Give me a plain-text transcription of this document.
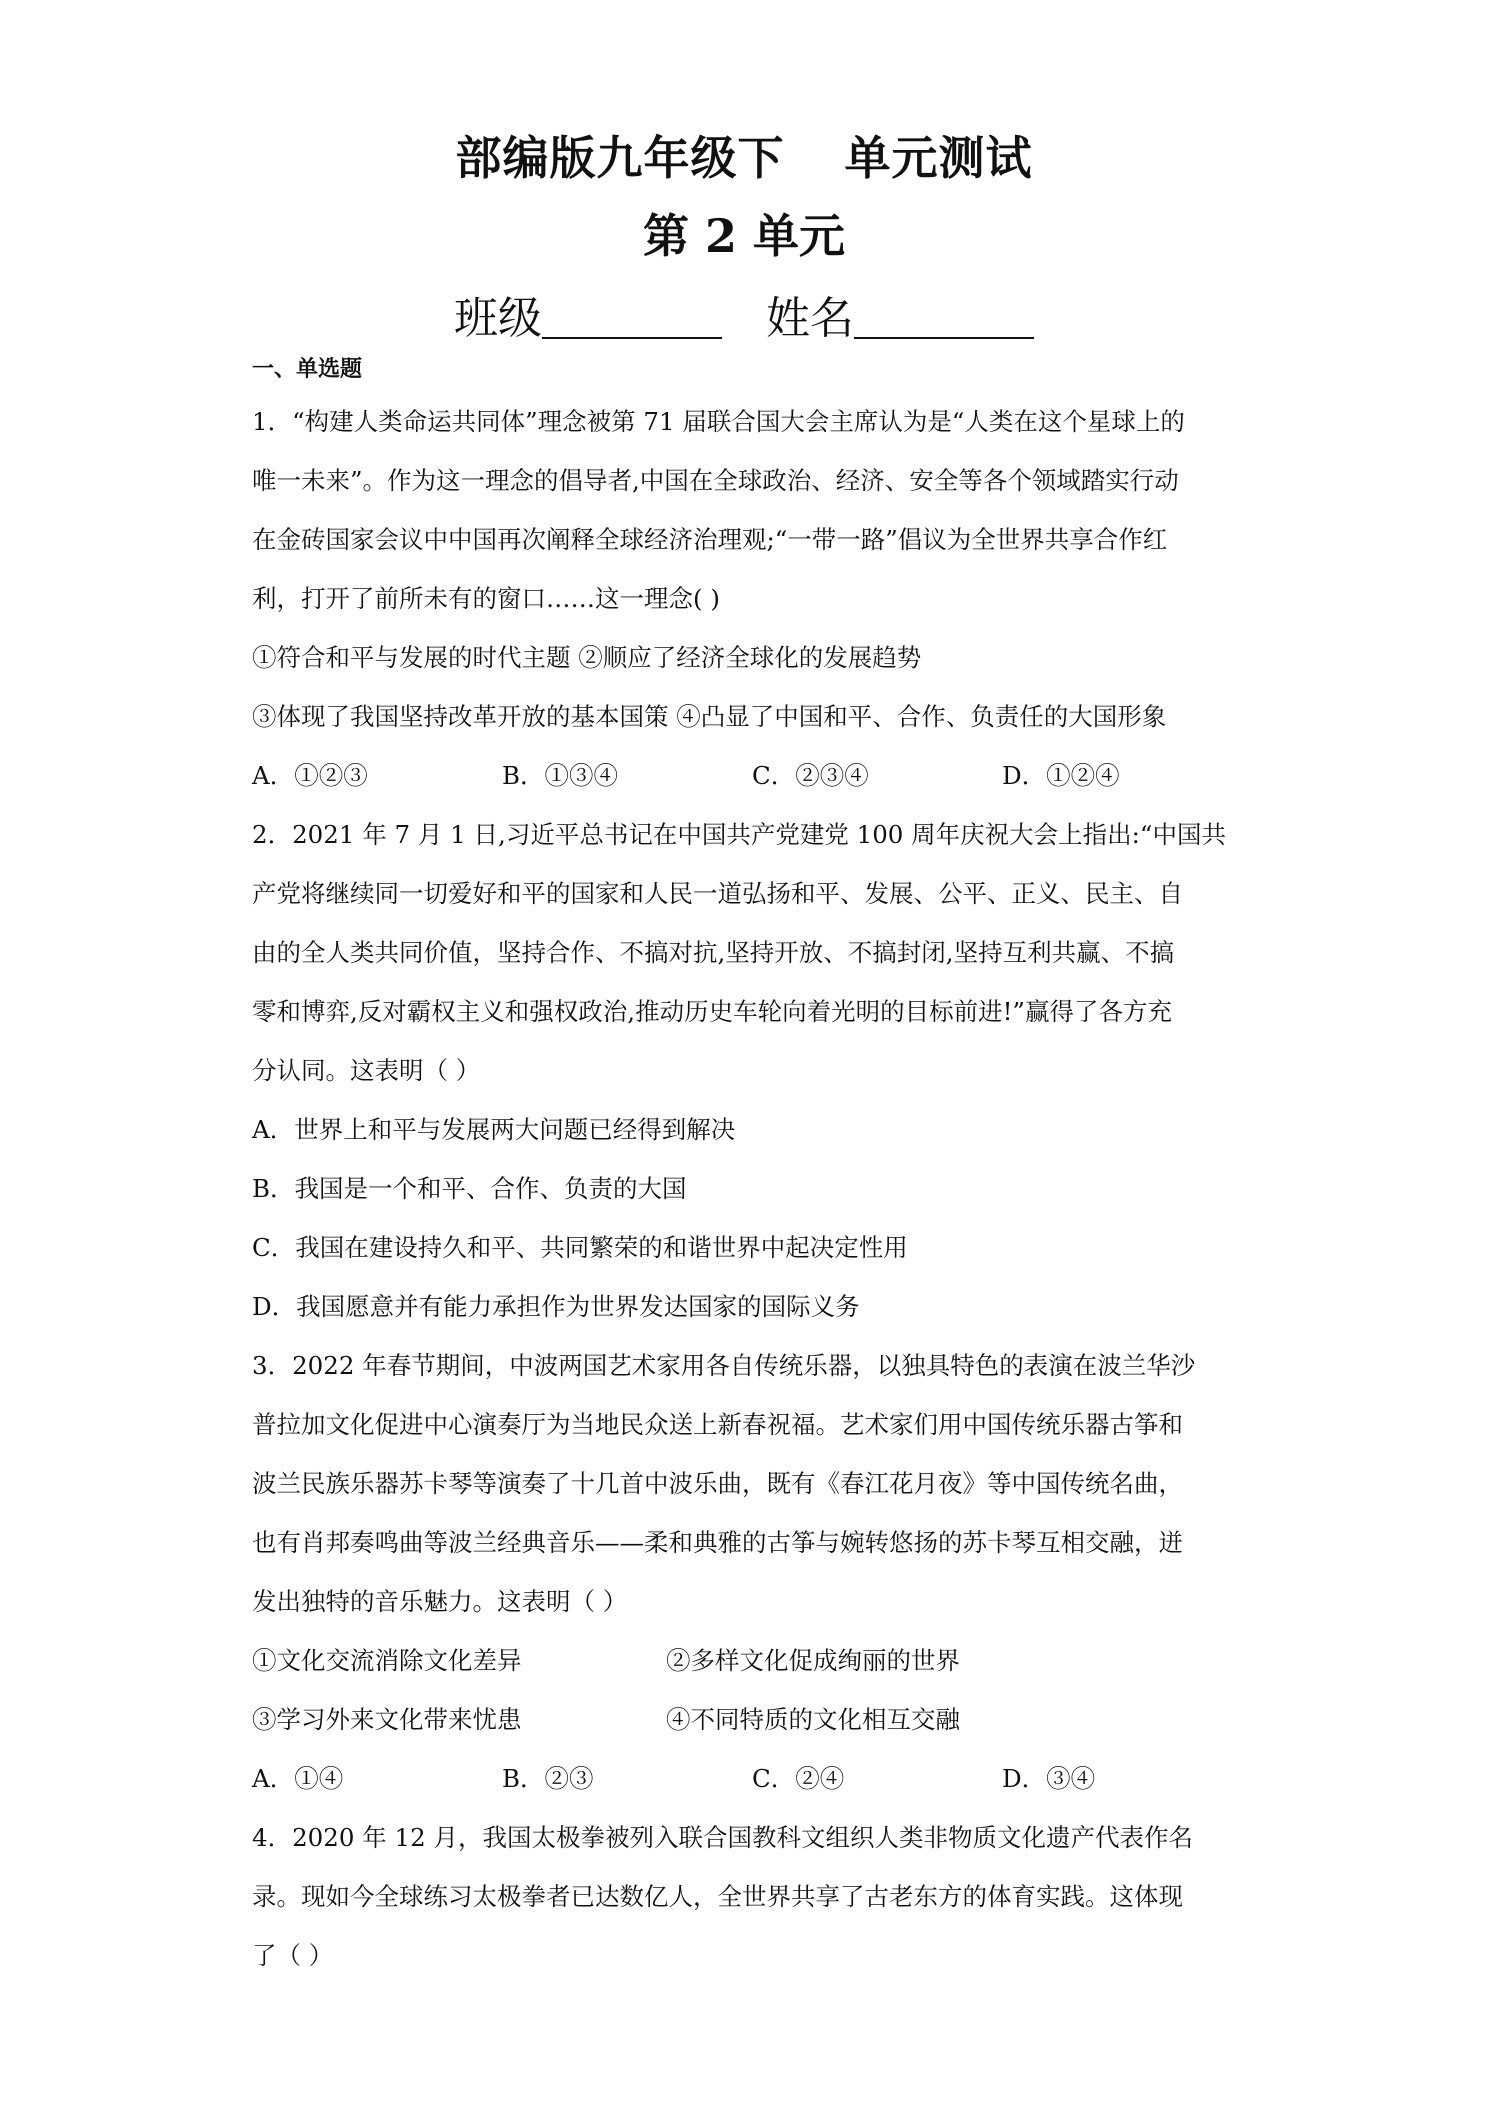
部编版九年级下 单元测试
第 2 单元
班级	姓名
一、单选题
1．“构建人类命运共同体”理念被第 71 届联合国大会主席认为是“人类在这个星球上的
唯一未来”。作为这一理念的倡导者,中国在全球政治、经济、安全等各个领域踏实行动
在金砖国家会议中中国再次阐释全球经济治理观;“一带一路”倡议为全世界共享合作红
利，打开了前所未有的窗口……这一理念( )
①符合和平与发展的时代主题 ②顺应了经济全球化的发展趋势
③体现了我国坚持改革开放的基本国策 ④凸显了中国和平、合作、负责任的大国形象
A．①②③	B．①③④	C．②③④	D．①②④
2．2021 年 7 月 1 日,习近平总书记在中国共产党建党 100 周年庆祝大会上指出:“中国共
产党将继续同一切爱好和平的国家和人民一道弘扬和平、发展、公平、正义、民主、自
由的全人类共同价值，坚持合作、不搞对抗,坚持开放、不搞封闭,坚持互利共赢、不搞
零和博弈,反对霸权主义和强权政治,推动历史车轮向着光明的目标前进!”赢得了各方充
分认同。这表明（ ）
A．世界上和平与发展两大问题已经得到解决
B．我国是一个和平、合作、负责的大国
C．我国在建设持久和平、共同繁荣的和谐世界中起决定性用
D．我国愿意并有能力承担作为世界发达国家的国际义务
3．2022 年春节期间，中波两国艺术家用各自传统乐器，以独具特色的表演在波兰华沙
普拉加文化促进中心演奏厅为当地民众送上新春祝福。艺术家们用中国传统乐器古筝和
波兰民族乐器苏卡琴等演奏了十几首中波乐曲，既有《春江花月夜》等中国传统名曲，
也有肖邦奏鸣曲等波兰经典音乐——柔和典雅的古筝与婉转悠扬的苏卡琴互相交融，迸
发出独特的音乐魅力。这表明（ ）
①文化交流消除文化差异	②多样文化促成绚丽的世界
③学习外来文化带来忧患	④不同特质的文化相互交融
A．①④	B．②③	C．②④	D．③④
4．2020 年 12 月，我国太极拳被列入联合国教科文组织人类非物质文化遗产代表作名
录。现如今全球练习太极拳者已达数亿人，全世界共享了古老东方的体育实践。这体现
了（ ）
